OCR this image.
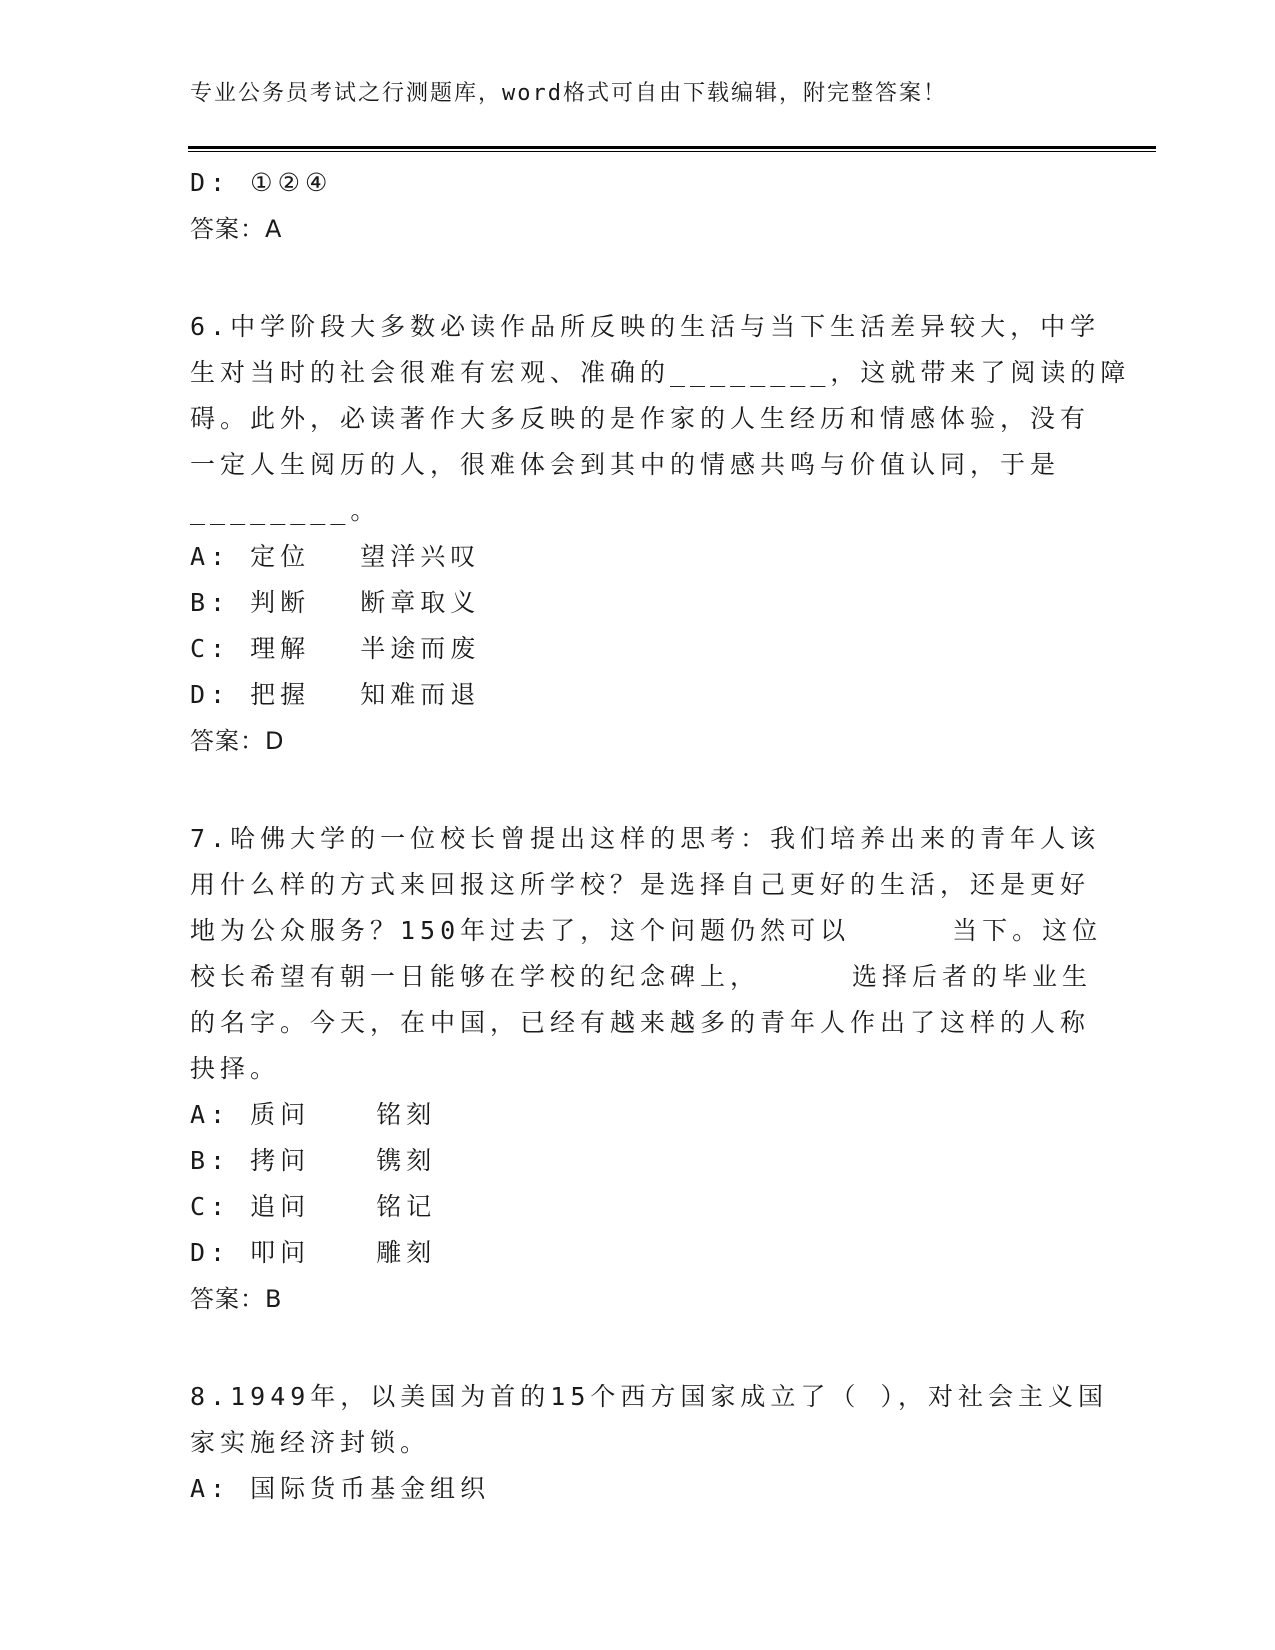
专业公务员考试之行测题库，word格式可自由下载编辑，附完整答案！
D: ①②④
答案：A
6.中学阶段大多数必读作品所反映的生活与当下生活差异较大，中学
生对当时的社会很难有宏观、准确的________，这就带来了阅读的障
碍。此外，必读著作大多反映的是作家的人生经历和情感体验，没有
一定人生阅历的人，很难体会到其中的情感共鸣与价值认同，于是
________。
A: 定位 望洋兴叹
B: 判断 断章取义
C: 理解 半途而废
D: 把握 知难而退
答案：D
7.哈佛大学的一位校长曾提出这样的思考：我们培养出来的青年人该
用什么样的方式来回报这所学校？是选择自己更好的生活，还是更好
地为公众服务？150年过去了，这个问题仍然可以	当下。这位
校长希望有朝一日能够在学校的纪念碑上，	选择后者的毕业生
的名字。今天，在中国，已经有越来越多的青年人作出了这样的人称
抉择。
A: 质问	铭刻
B: 拷问	镌刻
C: 追问	铭记
D: 叩问	雕刻
答案：B
8.1949年，以美国为首的15个西方国家成立了（ ），对社会主义国
家实施经济封锁。
A: 国际货币基金组织
